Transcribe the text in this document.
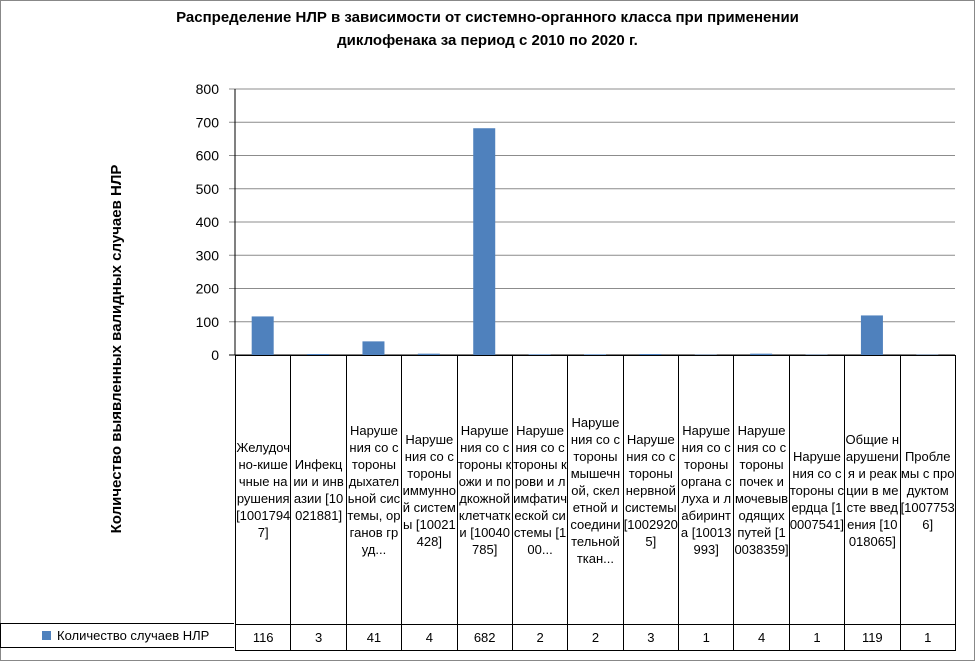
Распределение НЛР в зависимости от системно-органного класса при применении
диклофенака за период с 2010 по 2020 г.
Количество выявленных валидных случаев НЛР	0
100
200
300
400
500
600
700
800
Желудочно-кишечные нарушения [10017947]	Инфекции и инвазии [10021881]	Нарушения со стороны дыхательной системы, органов груд...	Нарушения со стороны иммунной системы [10021428]	Нарушения со стороны кожи и подкожной клетчатки [10040785]	Нарушения со стороны крови и лимфатической системы [100...	Нарушения со стороны мышечной, скелетной и соединительной ткан...	Нарушения со стороны нервной системы [10029205]	Нарушения со стороны органа слуха и лабиринта [10013993]	Нарушения со стороны почек и мочевыводящих путей [10038359]	Нарушения со стороны сердца [10007541]	Общие нарушения и реакции в месте введения [10018065]	Проблемы с продуктом [10077536]
116	3	41	4	682	2	2	3	1	4	1	119	1
Количество случаев НЛР
